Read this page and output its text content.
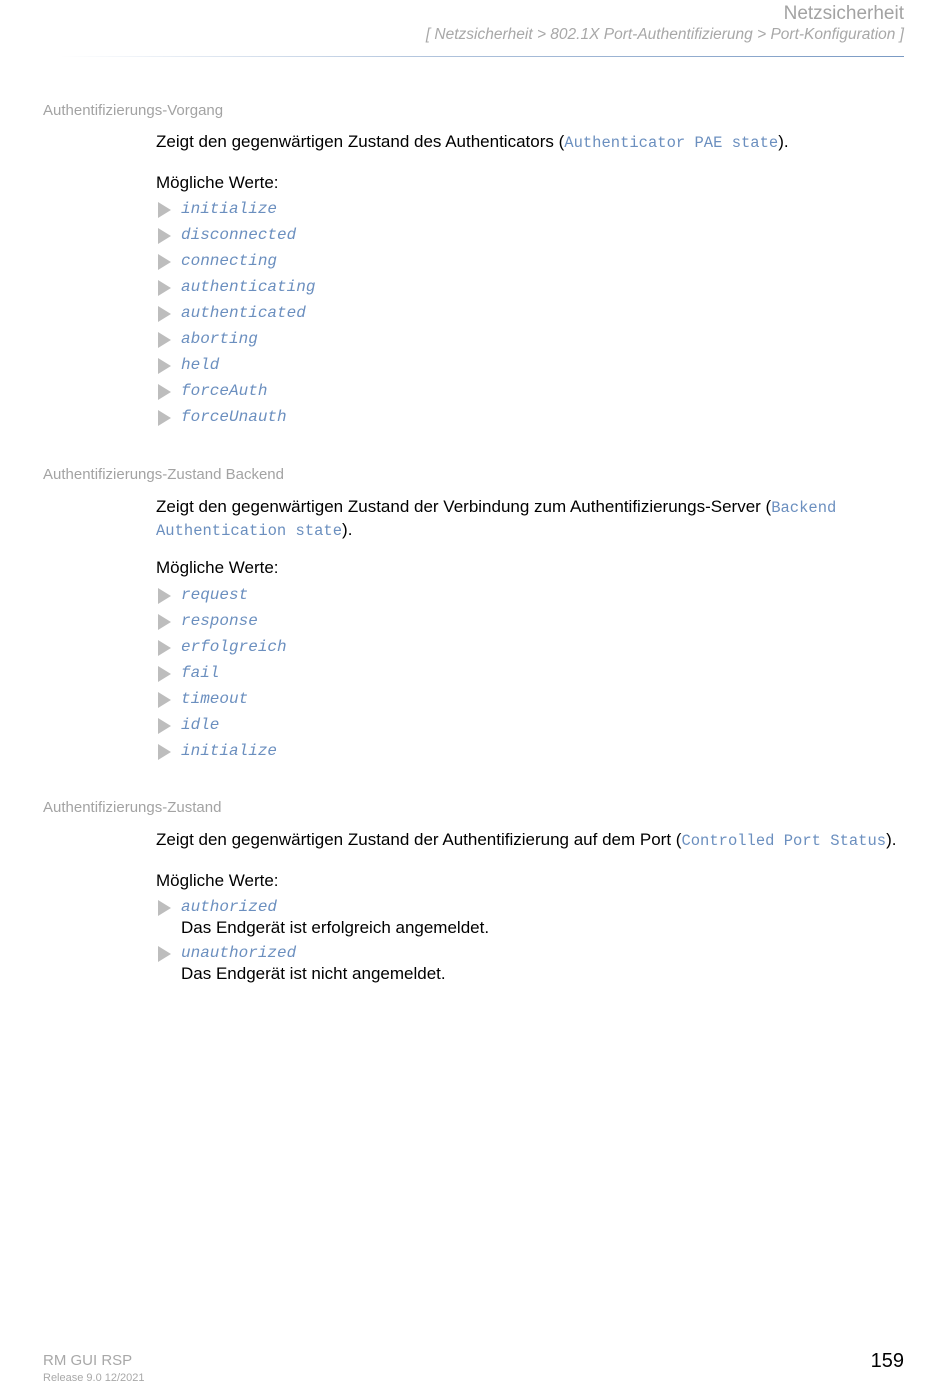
Netzsicherheit
[ Netzsicherheit > 802.1X Port-Authentifizierung > Port-Konfiguration ]
Authentifizierungs-Vorgang
Zeigt den gegenwärtigen Zustand des Authenticators (Authenticator PAE state).
Mögliche Werte:
initialize
disconnected
connecting
authenticating
authenticated
aborting
held
forceAuth
forceUnauth
Authentifizierungs-Zustand Backend
Zeigt den gegenwärtigen Zustand der Verbindung zum Authentifizierungs-Server (Backend Authentication state).
Mögliche Werte:
request
response
erfolgreich
fail
timeout
idle
initialize
Authentifizierungs-Zustand
Zeigt den gegenwärtigen Zustand der Authentifizierung auf dem Port (Controlled Port Status).
Mögliche Werte:
authorized
Das Endgerät ist erfolgreich angemeldet.
unauthorized
Das Endgerät ist nicht angemeldet.
RM GUI RSP
Release 9.0 12/2021
159
